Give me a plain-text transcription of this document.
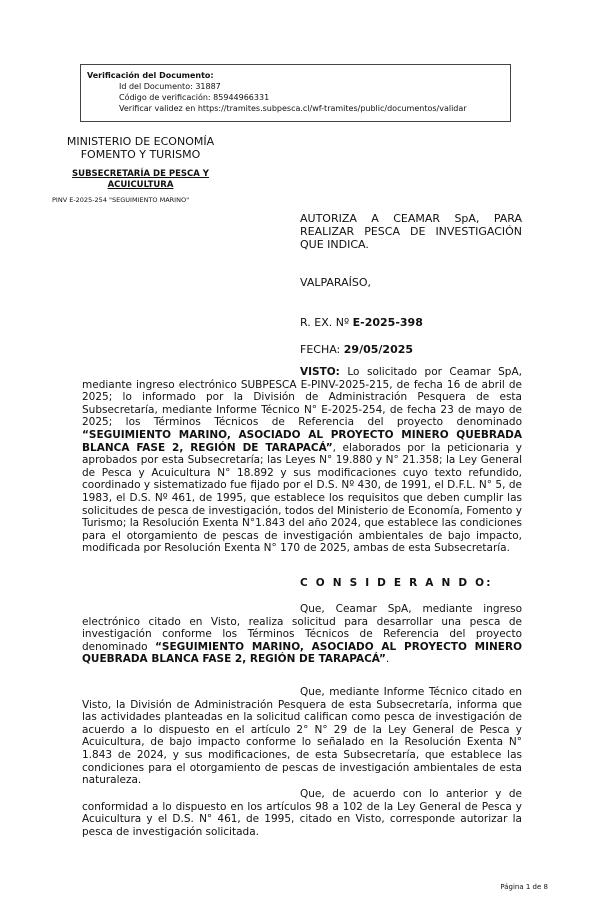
Verificación del Documento:
• Id del Documento: 31887
• Código de verificación: 85944966331
• Verificar validez en https://tramites.subpesca.cl/wf-tramites/public/documentos/validar
MINISTERIO DE ECONOMÍA
FOMENTO Y TURISMO
SUBSECRETARÍA DE PESCA Y
ACUICULTURA
PINV E-2025-254 "SEGUIMIENTO MARINO"
AUTORIZA A CEAMAR SpA, PARA REALIZAR PESCA DE INVESTIGACIÓN QUE INDICA.
VALPARAÍSO,
R. EX. Nº E-2025-398
FECHA: 29/05/2025

VISTO: Lo solicitado por Ceamar SpA, mediante ingreso electrónico SUBPESCA E-PINV-2025-215, de fecha 16 de abril de 2025; lo informado por la División de Administración Pesquera de esta Subsecretaría, mediante Informe Técnico N° E-2025-254, de fecha 23 de mayo de 2025; los Términos Técnicos de Referencia del proyecto denominado “SEGUIMIENTO MARINO, ASOCIADO AL PROYECTO MINERO QUEBRADA BLANCA FASE 2, REGIÓN DE TARAPACÁ”, elaborados por la peticionaria y aprobados por esta Subsecretaría; las Leyes N° 19.880 y N° 21.358; la Ley General de Pesca y Acuicultura N° 18.892 y sus modificaciones cuyo texto refundido, coordinado y sistematizado fue fijado por el D.S. Nº 430, de 1991, el D.F.L. N° 5, de 1983, el D.S. Nº 461, de 1995, que establece los requisitos que deben cumplir las solicitudes de pesca de investigación, todos del Ministerio de Economía, Fomento y Turismo; la Resolución Exenta N°1.843 del año 2024, que establece las condiciones para el otorgamiento de pescas de investigación ambientales de bajo impacto, modificada por Resolución Exenta N° 170 de 2025, ambas de esta Subsecretaría.

C O N S I D E R A N D O:

Que, Ceamar SpA, mediante ingreso electrónico citado en Visto, realiza solicitud para desarrollar una pesca de investigación conforme los Términos Técnicos de Referencia del proyecto denominado “SEGUIMIENTO MARINO, ASOCIADO AL PROYECTO MINERO QUEBRADA BLANCA FASE 2, REGIÓN DE TARAPACÁ”.

Que, mediante Informe Técnico citado en Visto, la División de Administración Pesquera de esta Subsecretaría, informa que las actividades planteadas en la solicitud califican como pesca de investigación de acuerdo a lo dispuesto en el artículo 2° N° 29 de la Ley General de Pesca y Acuicultura, de bajo impacto conforme lo señalado en la Resolución Exenta N° 1.843 de 2024, y sus modificaciones, de esta Subsecretaría, que establece las condiciones para el otorgamiento de pescas de investigación ambientales de esta naturaleza.

Que, de acuerdo con lo anterior y de conformidad a lo dispuesto en los artículos 98 a 102 de la Ley General de Pesca y Acuicultura y el D.S. N° 461, de 1995, citado en Visto, corresponde autorizar la pesca de investigación solicitada.

Página 1 de 8
